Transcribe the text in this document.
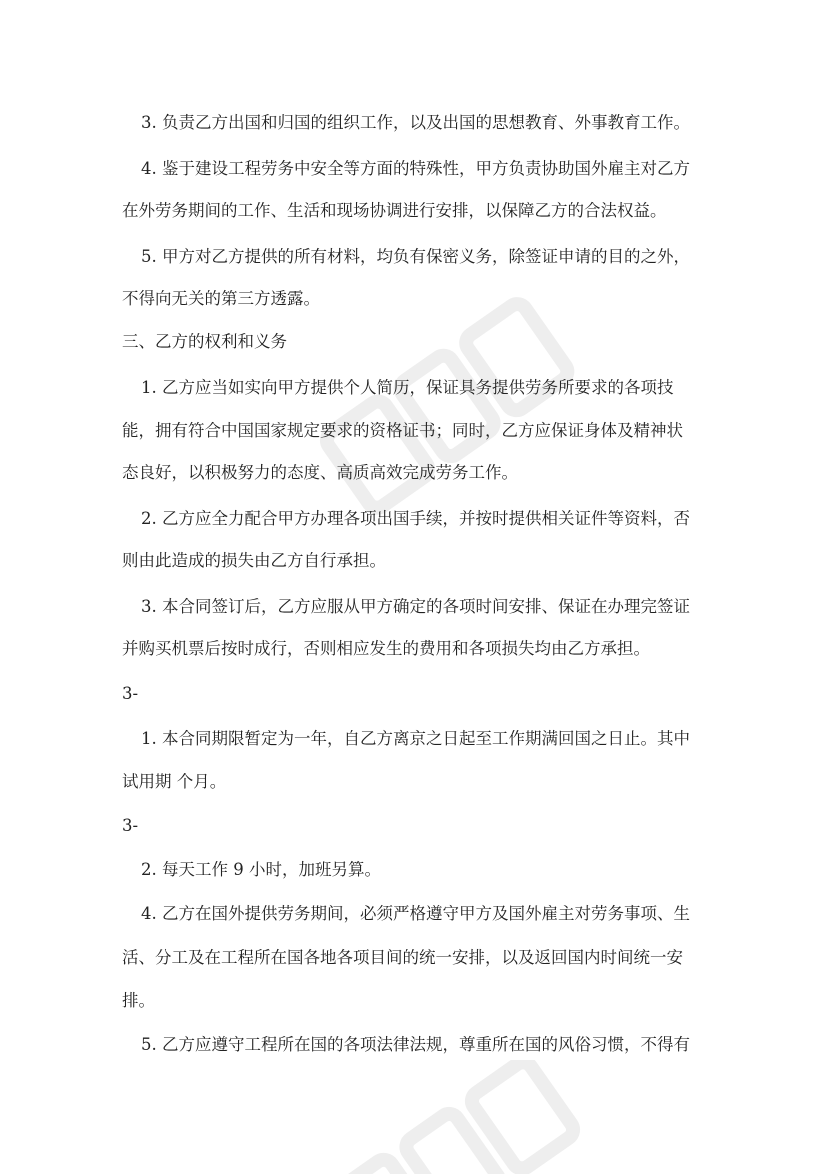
3. 负责乙方出国和归国的组织工作，以及出国的思想教育、外事教育工作。
4. 鉴于建设工程劳务中安全等方面的特殊性，甲方负责协助国外雇主对乙方
在外劳务期间的工作、生活和现场协调进行安排，以保障乙方的合法权益。
5. 甲方对乙方提供的所有材料，均负有保密义务，除签证申请的目的之外，
不得向无关的第三方透露。
三、乙方的权利和义务
1. 乙方应当如实向甲方提供个人简历，保证具务提供劳务所要求的各项技
能，拥有符合中国国家规定要求的资格证书；同时，乙方应保证身体及精神状
态良好，以积极努力的态度、高质高效完成劳务工作。
2. 乙方应全力配合甲方办理各项出国手续，并按时提供相关证件等资料，否
则由此造成的损失由乙方自行承担。
3. 本合同签订后，乙方应服从甲方确定的各项时间安排、保证在办理完签证
并购买机票后按时成行，否则相应发生的费用和各项损失均由乙方承担。
3-
1. 本合同期限暂定为一年，自乙方离京之日起至工作期满回国之日止。其中
试用期 个月。
3-
2. 每天工作 9 小时，加班另算。
4. 乙方在国外提供劳务期间，必须严格遵守甲方及国外雇主对劳务事项、生
活、分工及在工程所在国各地各项目间的统一安排，以及返回国内时间统一安
排。
5. 乙方应遵守工程所在国的各项法律法规，尊重所在国的风俗习惯，不得有
